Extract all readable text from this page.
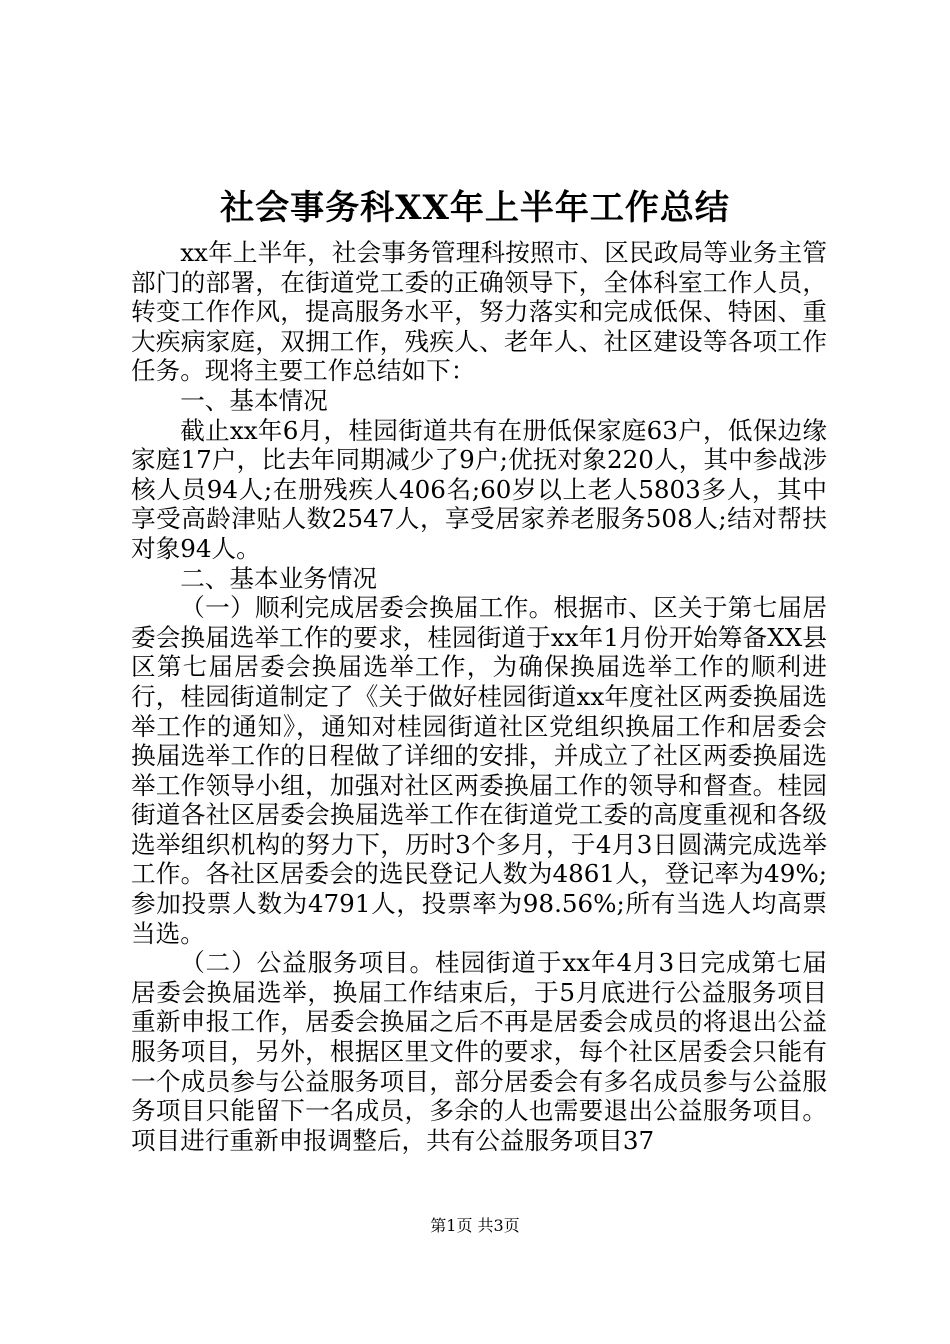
社会事务科XX年上半年工作总结

xx年上半年，社会事务管理科按照市、区民政局等业务主管部门的部署，在街道党工委的正确领导下，全体科室工作人员，转变工作作风，提高服务水平，努力落实和完成低保、特困、重大疾病家庭，双拥工作，残疾人、老年人、社区建设等各项工作任务。现将主要工作总结如下：

一、基本情况

截止xx年6月，桂园街道共有在册低保家庭63户，低保边缘家庭17户，比去年同期减少了9户;优抚对象220人，其中参战涉核人员94人;在册残疾人406名;60岁以上老人5803多人，其中享受高龄津贴人数2547人，享受居家养老服务508人;结对帮扶对象94人。

二、基本业务情况

（一）顺利完成居委会换届工作。根据市、区关于第七届居委会换届选举工作的要求，桂园街道于xx年1月份开始筹备XX县区第七届居委会换届选举工作，为确保换届选举工作的顺利进行，桂园街道制定了《关于做好桂园街道xx年度社区两委换届选举工作的通知》，通知对桂园街道社区党组织换届工作和居委会换届选举工作的日程做了详细的安排，并成立了社区两委换届选举工作领导小组，加强对社区两委换届工作的领导和督查。桂园街道各社区居委会换届选举工作在街道党工委的高度重视和各级选举组织机构的努力下，历时3个多月，于4月3日圆满完成选举工作。各社区居委会的选民登记人数为4861人，登记率为49%;参加投票人数为4791人，投票率为98.56%;所有当选人均高票当选。

（二）公益服务项目。桂园街道于xx年4月3日完成第七届居委会换届选举，换届工作结束后，于5月底进行公益服务项目重新申报工作，居委会换届之后不再是居委会成员的将退出公益服务项目，另外，根据区里文件的要求，每个社区居委会只能有一个成员参与公益服务项目，部分居委会有多名成员参与公益服务项目只能留下一名成员，多余的人也需要退出公益服务项目。项目进行重新申报调整后，共有公益服务项目37

第1页 共3页
